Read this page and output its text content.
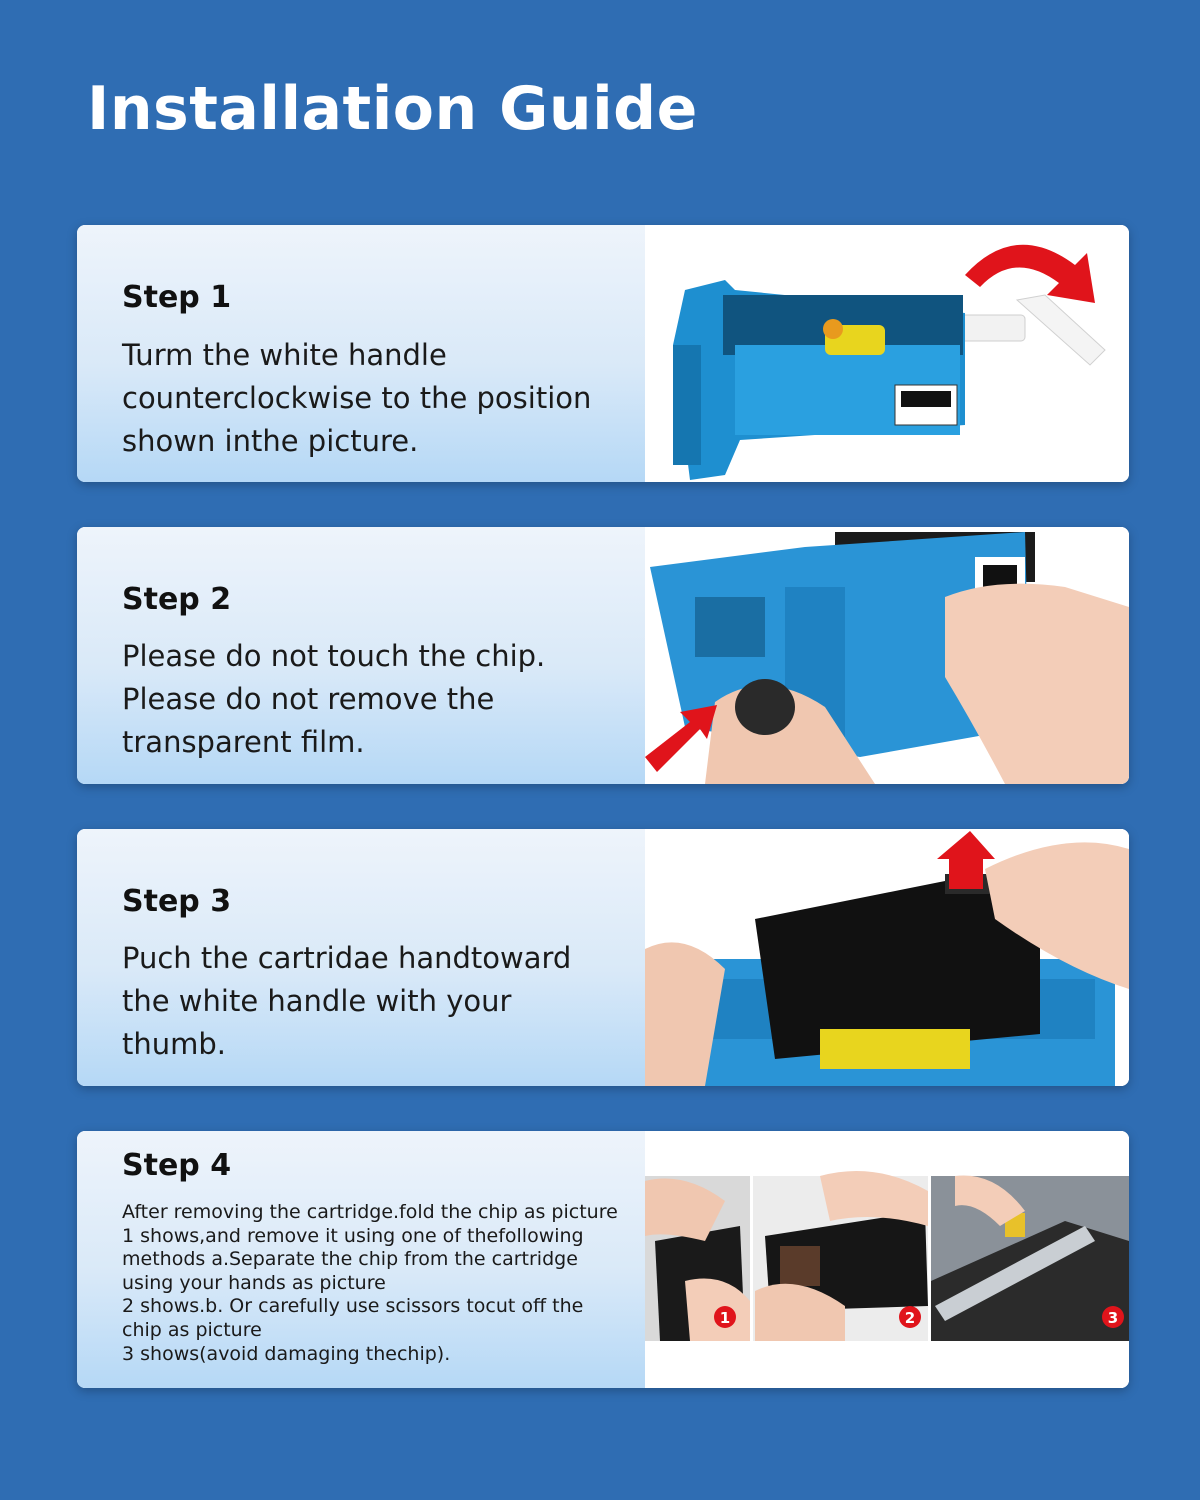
Installation Guide
Step 1

Turm the white handle
counterclockwise to the position
shown inthe picture.

Step 2

Please do not touch the chip.
Please do not remove the
transparent film.

Step 3

Puch the cartridae handtoward
the white handle with your
thumb.

Step 4

After removing the cartridge.fold the chip as picture
1 shows,and remove it using one of thefollowing
methods a.Separate the chip from the cartridge
using your hands as picture
2 shows.b. Or carefully use scissors tocut off the
chip as picture
3 shows(avoid damaging thechip).

1	2	3
